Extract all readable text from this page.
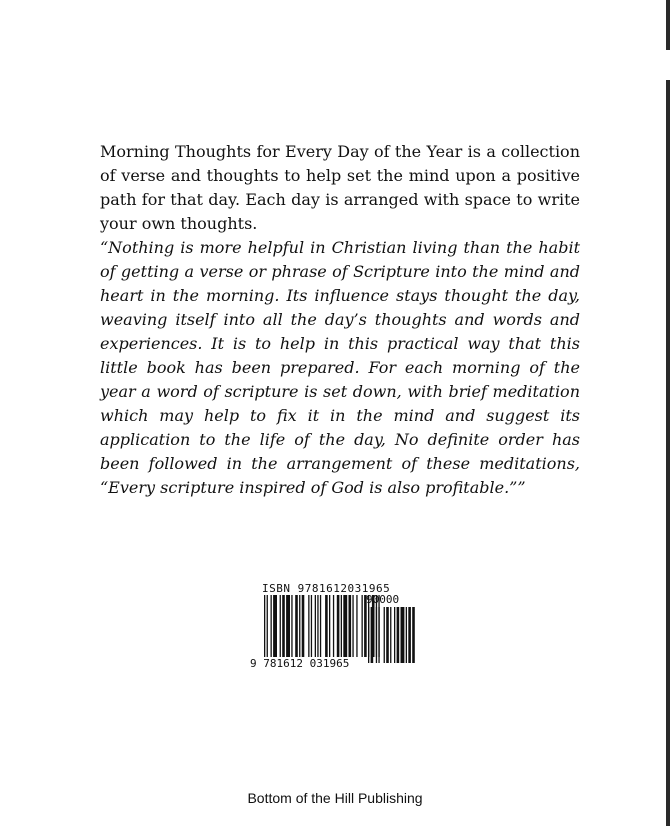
Morning Thoughts for Every Day of the Year is a collection of verse and thoughts to help set the mind upon a positive path for that day. Each day is arranged with space to write your own thoughts.

“Nothing is more helpful in Christian living than the habit of getting a verse or phrase of Scripture into the mind and heart in the morning. Its influence stays thought the day, weaving itself into all the day’s thoughts and words and experiences. It is to help in this practical way that this little book has been prepared. For each morning of the year a word of scripture is set down, with brief meditation which may help to fix it in the mind and suggest its application to the life of the day, No definite order has been followed in the arrangement of these meditations, “Every scripture inspired of God is also profitable.””

ISBN 9781612031965
90000
9 781612 031965
Bottom of the Hill Publishing
